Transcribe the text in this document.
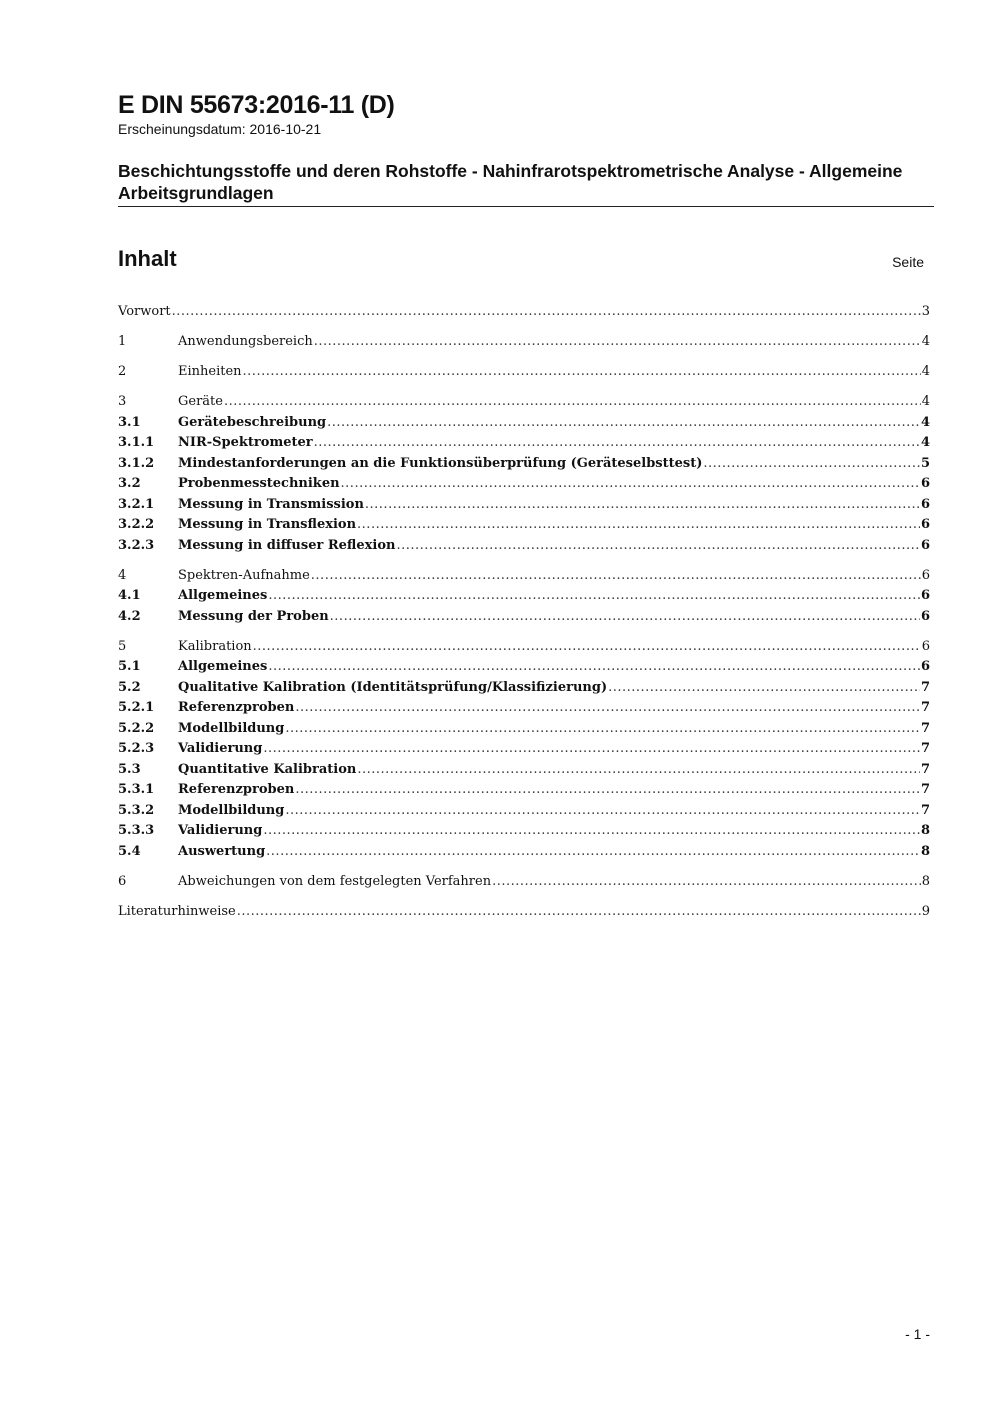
E DIN 55673:2016-11 (D)

Erscheinungsdatum: 2016-10-21

Beschichtungsstoffe und deren Rohstoffe - Nahinfrarotspektrometrische Analyse - Allgemeine Arbeitsgrundlagen
Inhalt	Seite
Vorwort .....	3
1	Anwendungsbereich .....	4
2	Einheiten .....	4
3	Geräte .....	4
3.1	Gerätebeschreibung .....	4
3.1.1	NIR-Spektrometer .....	4
3.1.2	Mindestanforderungen an die Funktionsüberprüfung (Geräteselbsttest) .....	5
3.2	Probenmesstechniken .....	6
3.2.1	Messung in Transmission .....	6
3.2.2	Messung in Transflexion .....	6
3.2.3	Messung in diffuser Reflexion .....	6
4	Spektren-Aufnahme .....	6
4.1	Allgemeines .....	6
4.2	Messung der Proben .....	6
5	Kalibration .....	6
5.1	Allgemeines .....	6
5.2	Qualitative Kalibration (Identitätsprüfung/Klassifizierung) .....	7
5.2.1	Referenzproben .....	7
5.2.2	Modellbildung .....	7
5.2.3	Validierung .....	7
5.3	Quantitative Kalibration .....	7
5.3.1	Referenzproben .....	7
5.3.2	Modellbildung .....	7
5.3.3	Validierung .....	8
5.4	Auswertung .....	8
6	Abweichungen von dem festgelegten Verfahren .....	8
Literaturhinweise .....	9
- 1 -
